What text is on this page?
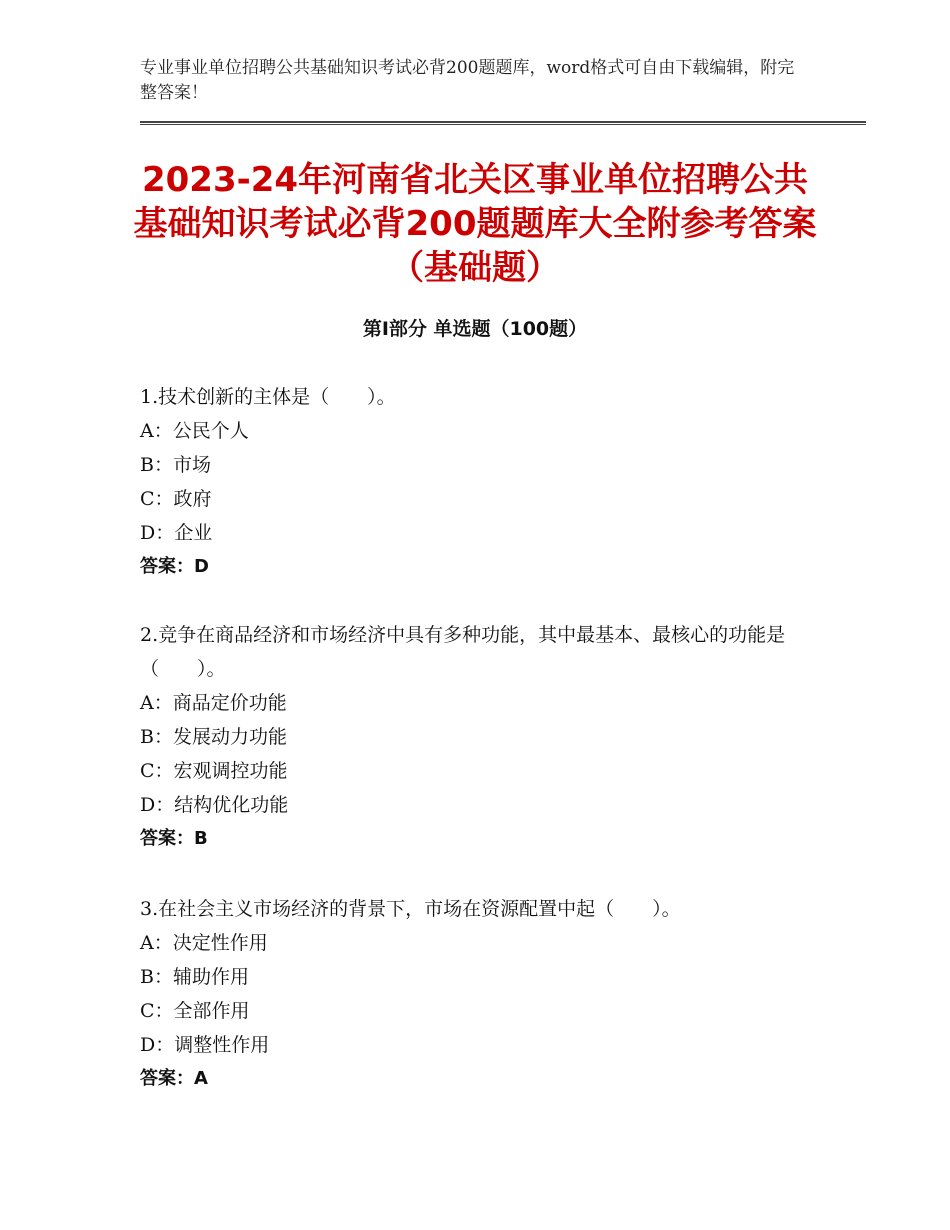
专业事业单位招聘公共基础知识考试必背200题题库，word格式可自由下载编辑，附完整答案！
2023-24年河南省北关区事业单位招聘公共基础知识考试必背200题题库大全附参考答案（基础题）
第Ⅰ部分 单选题（100题）
1.技术创新的主体是（　　）。
A：公民个人
B：市场
C：政府
D：企业
答案：D
2.竞争在商品经济和市场经济中具有多种功能，其中最基本、最核心的功能是（　　）。
A：商品定价功能
B：发展动力功能
C：宏观调控功能
D：结构优化功能
答案：B
3.在社会主义市场经济的背景下，市场在资源配置中起（　　）。
A：决定性作用
B：辅助作用
C：全部作用
D：调整性作用
答案：A
